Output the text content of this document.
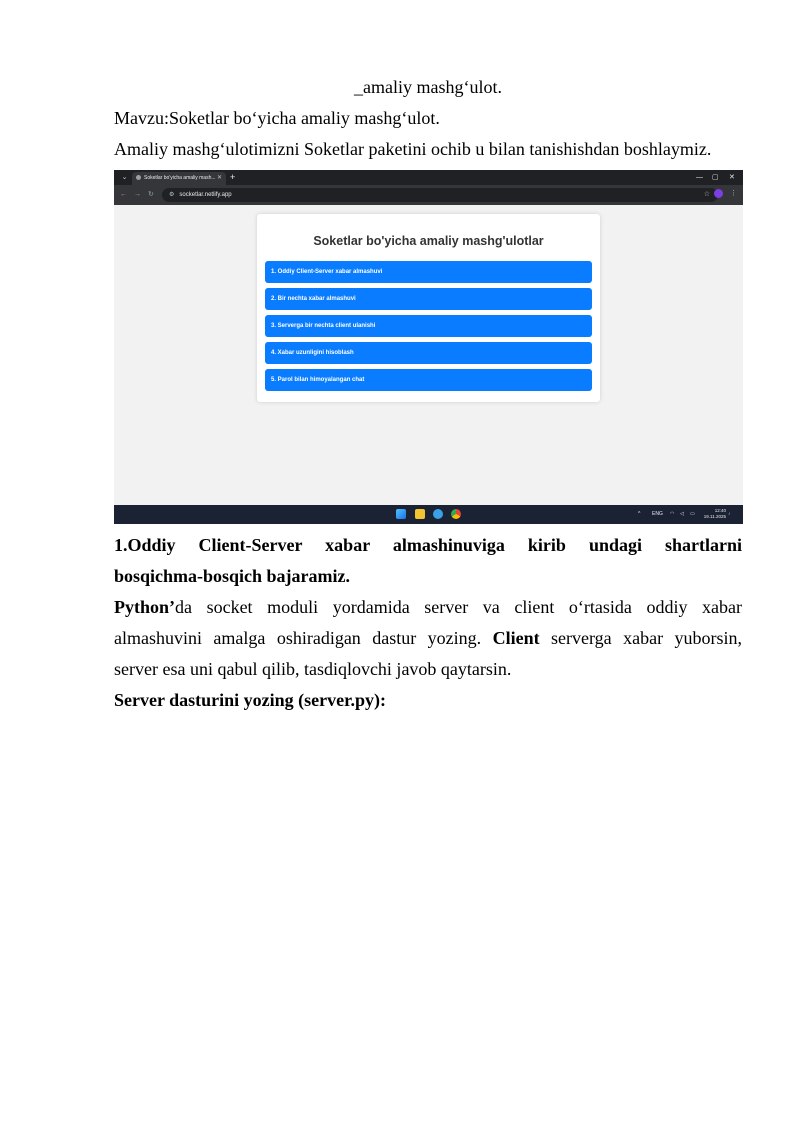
_amaliy mashg‘ulot.

Mavzu:Soketlar bo‘yicha amaliy mashg‘ulot.

Amaliy mashg‘ulotimizni Soketlar paketini ochib u bilan tanishishdan boshlaymiz.

⌄	Soketlar bo'yicha amaliy mash... ✕ +	— ▢ ✕
← → ↻	⚙ socketlar.netlify.app	☆	⋮
Soketlar bo'yicha amaliy mashg'ulotlar
1. Oddiy Client-Server xabar almashuvi
2. Bir nechta xabar almashuvi
3. Serverga bir nechta client ulanishi
4. Xabar uzunligini hisoblash
5. Parol bilan himoyalangan chat
^ ENG ◠ ◁ ▭
12:40
19.11.2025 ♪

1.Oddiy Client-Server xabar almashinuviga kirib undagi shartlarni

bosqichma-bosqich bajaramiz.

Python’da socket moduli yordamida server va client o‘rtasida oddiy xabar

almashuvini amalga oshiradigan dastur yozing. Client serverga xabar yuborsin,

server esa uni qabul qilib, tasdiqlovchi javob qaytarsin.

Server dasturini yozing (server.py):
